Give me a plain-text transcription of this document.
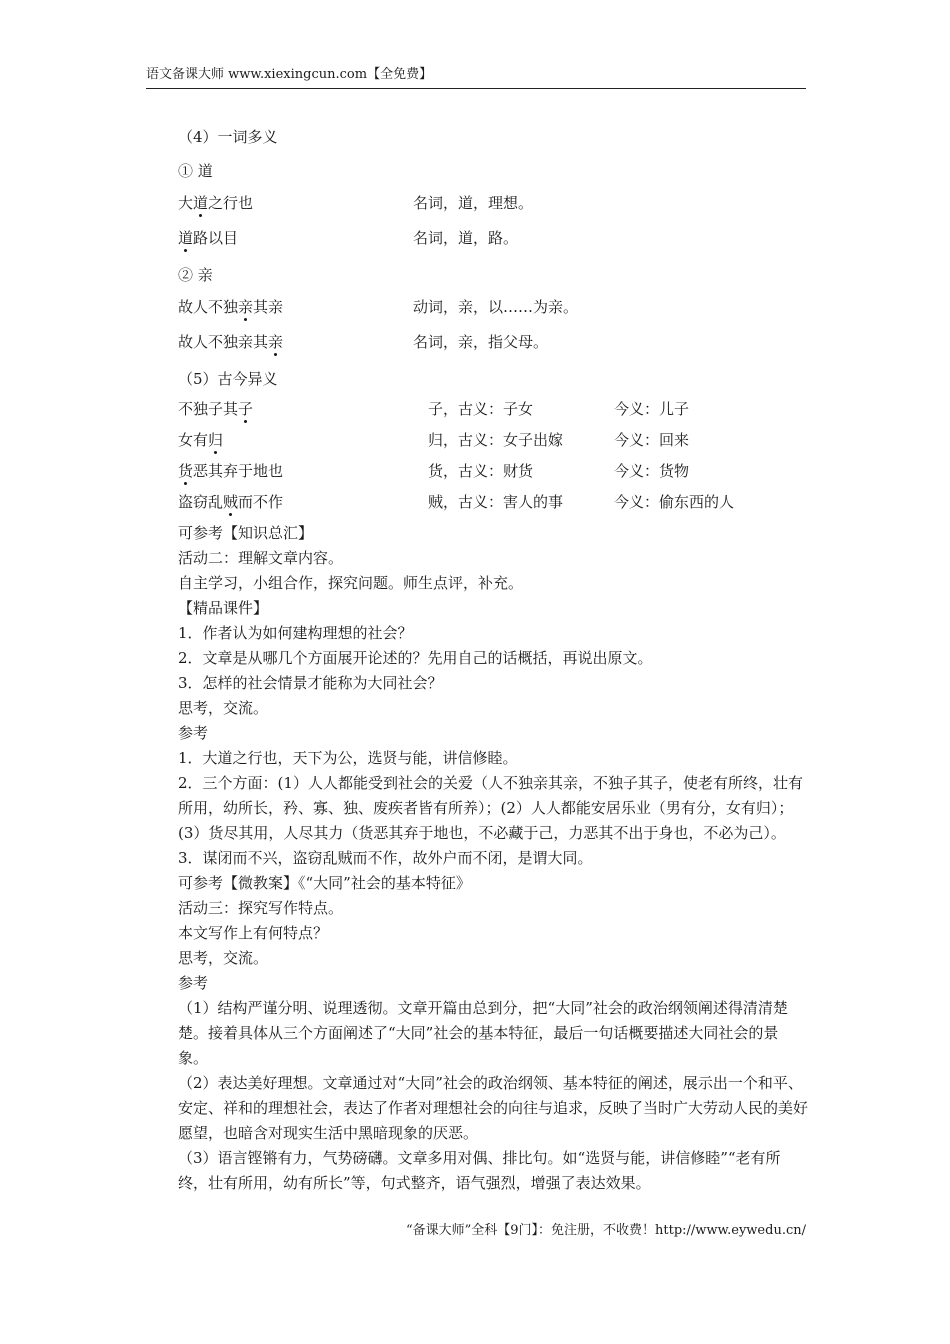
语文备课大师 www.xiexingcun.com【全免费】
（4）一词多义
① 道
大道之行也	名词，道，理想。
道路以目	名词，道，路。
② 亲
故人不独亲其亲	动词，亲，以……为亲。
故人不独亲其亲	名词，亲，指父母。
（5）古今异义
不独子其子	子，古义：子女	今义：儿子
女有归	归，古义：女子出嫁	今义：回来
货恶其弃于地也	货，古义：财货	今义：货物
盗窃乱贼而不作	贼，古义：害人的事	今义：偷东西的人
可参考【知识总汇】
活动二：理解文章内容。
自主学习，小组合作，探究问题。师生点评，补充。
【精品课件】
1．作者认为如何建构理想的社会？
2．文章是从哪几个方面展开论述的？先用自己的话概括，再说出原文。
3．怎样的社会情景才能称为大同社会？
思考，交流。
参考
1．大道之行也，天下为公，选贤与能，讲信修睦。
2．三个方面：(1）人人都能受到社会的关爱（人不独亲其亲，不独子其子，使老有所终，壮有所用，幼所长，矜、寡、独、废疾者皆有所养）；(2）人人都能安居乐业（男有分，女有归）；(3）货尽其用，人尽其力（货恶其弃于地也，不必藏于己，力恶其不出于身也，不必为己）。
3．谋闭而不兴，盗窃乱贼而不作，故外户而不闭，是谓大同。
可参考【微教案】《“大同”社会的基本特征》
活动三：探究写作特点。
本文写作上有何特点？
思考，交流。
参考
（1）结构严谨分明、说理透彻。文章开篇由总到分，把“大同”社会的政治纲领阐述得清清楚楚。接着具体从三个方面阐述了“大同”社会的基本特征，最后一句话概要描述大同社会的景象。
（2）表达美好理想。文章通过对“大同”社会的政治纲领、基本特征的阐述，展示出一个和平、安定、祥和的理想社会，表达了作者对理想社会的向往与追求，反映了当时广大劳动人民的美好愿望，也暗含对现实生活中黑暗现象的厌恶。
（3）语言铿锵有力，气势磅礴。文章多用对偶、排比句。如“选贤与能，讲信修睦”“老有所终，壮有所用，幼有所长”等，句式整齐，语气强烈，增强了表达效果。
“备课大师”全科【9门】：免注册，不收费！http://www.eywedu.cn/
